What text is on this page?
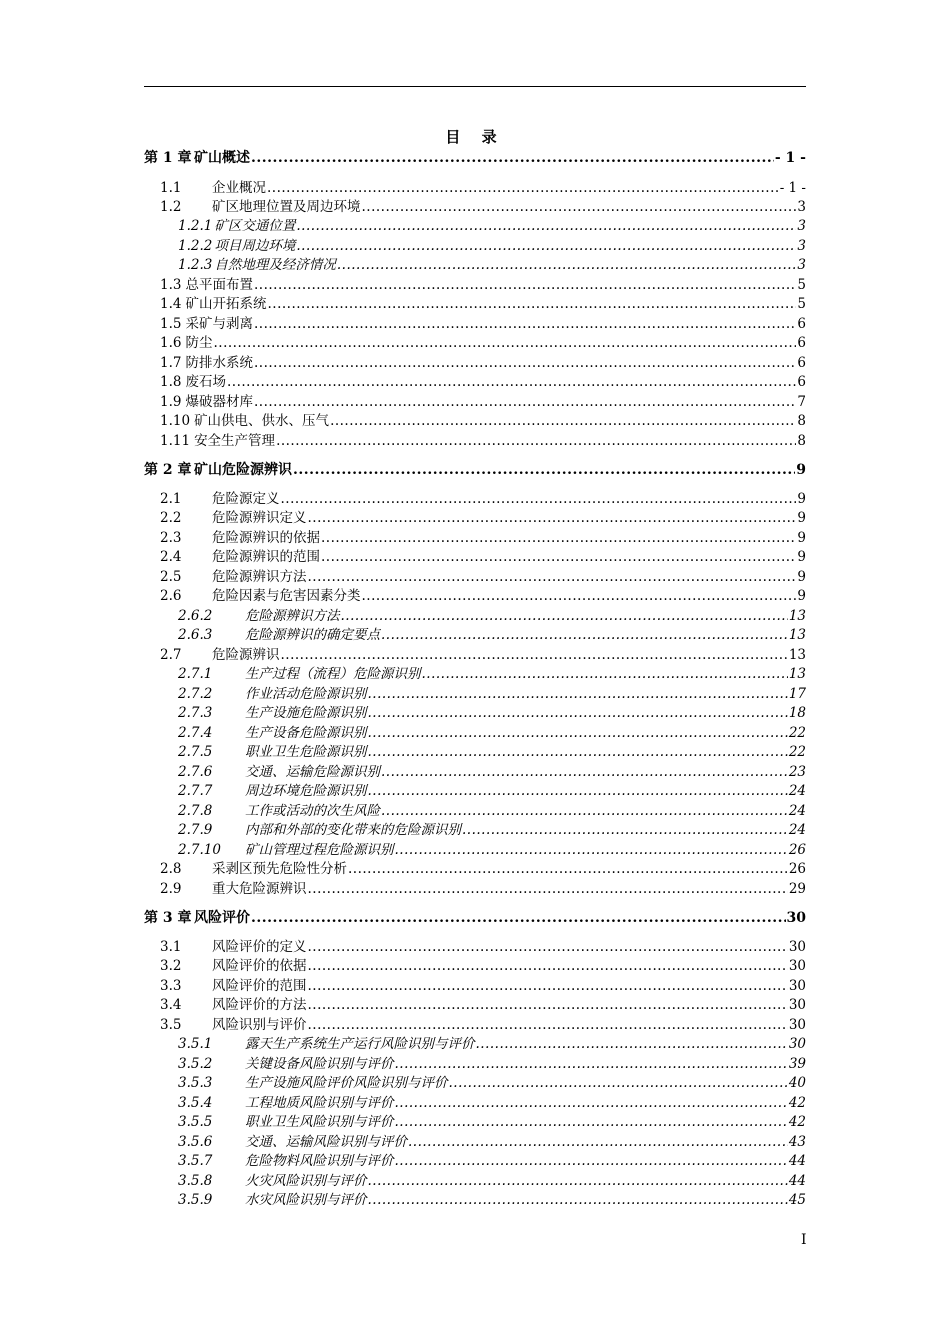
目 录
第 1 章 矿山概述 .....	- 1 -
1.1	企业概况 .....	- 1 -
1.2	矿区地理位置及周边环境 .....	3
1.2.1 矿区交通位置 .....	3
1.2.2 项目周边环境 .....	3
1.2.3 自然地理及经济情况 .....	3
1.3 总平面布置 .....	5
1.4 矿山开拓系统 .....	5
1.5 采矿与剥离 .....	6
1.6 防尘 .....	6
1.7 防排水系统 .....	6
1.8 废石场 .....	6
1.9 爆破器材库 .....	7
1.10 矿山供电、供水、压气 .....	8
1.11 安全生产管理 .....	8
第 2 章 矿山危险源辨识 .....	9
2.1	危险源定义 .....	9
2.2	危险源辨识定义 .....	9
2.3	危险源辨识的依据 .....	9
2.4	危险源辨识的范围 .....	9
2.5	危险源辨识方法 .....	9
2.6	危险因素与危害因素分类 .....	9
2.6.2	危险源辨识方法 .....	13
2.6.3	危险源辨识的确定要点 .....	13
2.7	危险源辨识 .....	13
2.7.1	生产过程（流程）危险源识别 .....	13
2.7.2	作业活动危险源识别 .....	17
2.7.3	生产设施危险源识别 .....	18
2.7.4	生产设备危险源识别 .....	22
2.7.5	职业卫生危险源识别 .....	22
2.7.6	交通、运输危险源识别 .....	23
2.7.7	周边环境危险源识别 .....	24
2.7.8	工作或活动的次生风险 .....	24
2.7.9	内部和外部的变化带来的危险源识别 .....	24
2.7.10	矿山管理过程危险源识别 .....	26
2.8	采剥区预先危险性分析 .....	26
2.9	重大危险源辨识 .....	29
第 3 章 风险评价 .....	30
3.1	风险评价的定义 .....	30
3.2	风险评价的依据 .....	30
3.3	风险评价的范围 .....	30
3.4	风险评价的方法 .....	30
3.5	风险识别与评价 .....	30
3.5.1	露天生产系统生产运行风险识别与评价 .....	30
3.5.2	关键设备风险识别与评价 .....	39
3.5.3	生产设施风险评价风险识别与评价 .....	40
3.5.4	工程地质风险识别与评价 .....	42
3.5.5	职业卫生风险识别与评价 .....	42
3.5.6	交通、运输风险识别与评价 .....	43
3.5.7	危险物料风险识别与评价 .....	44
3.5.8	火灾风险识别与评价 .....	44
3.5.9	水灾风险识别与评价 .....	45
I
